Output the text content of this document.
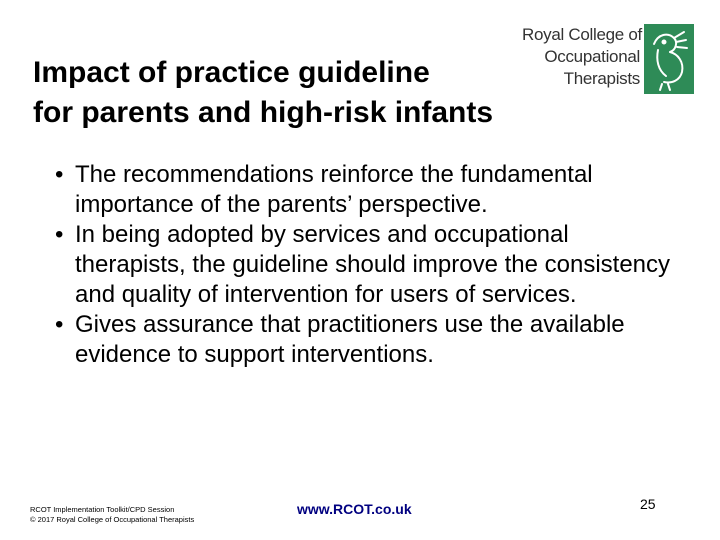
Impact of practice guideline
for parents and high-risk infants
Royal College of
Occupational
Therapists
• The recommendations reinforce the fundamental importance of the parents’ perspective.
• In being adopted by services and occupational therapists, the guideline should improve the consistency and quality of intervention for users of services.
• Gives assurance that practitioners use the available evidence to support interventions.
RCOT Implementation Toolkit/CPD Session
© 2017 Royal College of Occupational Therapists
www.RCOT.co.uk	25
